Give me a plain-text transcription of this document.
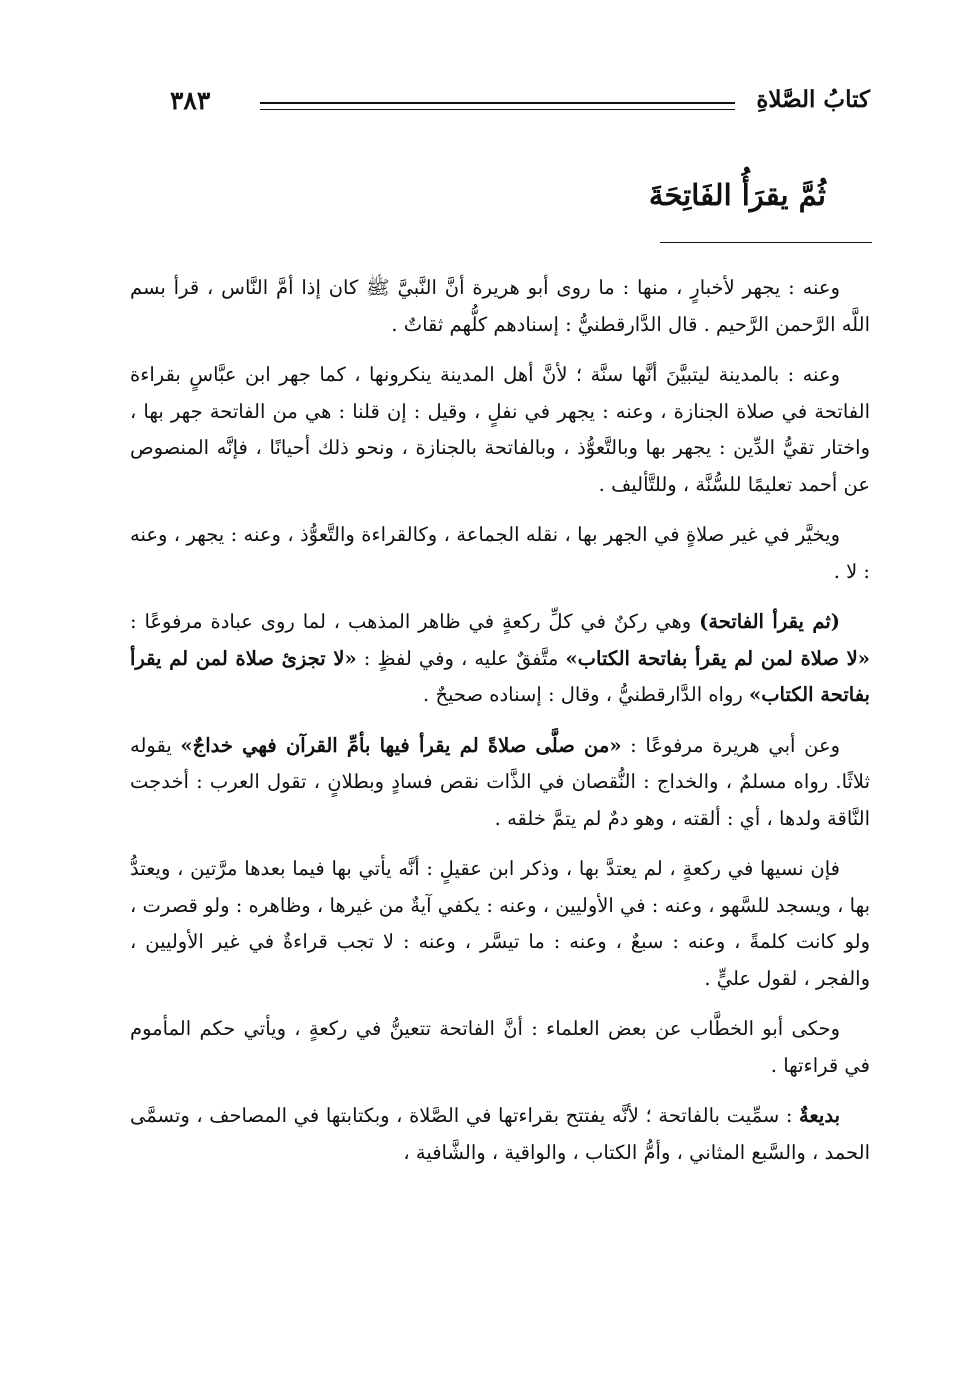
كتابُ الصَّلاةِ
٣٨٣
ثُمَّ يقرَأُ الفَاتِحَةَ

وعنه : يجهر لأخبارٍ ، منها : ما روى أبو هريرة أنَّ النَّبيَّ ﷺ كان إذا أمَّ النَّاس ، قرأ بسم اللَّه الرَّحمن الرَّحيم . قال الدَّارقطنيُّ : إسنادهم كلُّهم ثقاتٌ .

وعنه : بالمدينة ليتبيَّنَ أنَّها سنَّة ؛ لأنَّ أهل المدينة ينكرونها ، كما جهر ابن عبَّاسٍ بقراءة الفاتحة في صلاة الجنازة ، وعنه : يجهر في نفلٍ ، وقيل : إن قلنا : هي من الفاتحة جهر بها ، واختار تقيُّ الدِّين : يجهر بها وبالتَّعوُّذ ، وبالفاتحة بالجنازة ، ونحو ذلك أحيانًا ، فإنَّه المنصوص عن أحمد تعليمًا للسُّنَّة ، وللتَّأليف .

ويخيَّر في غير صلاةٍ في الجهر بها ، نقله الجماعة ، وكالقراءة والتَّعوُّذ ، وعنه : يجهر ، وعنه : لا .

(ثم يقرأ الفاتحة) وهي ركنٌ في كلِّ ركعةٍ في ظاهر المذهب ، لما روى عبادة مرفوعًا : «لا صلاة لمن لم يقرأ بفاتحة الكتاب» متَّفقٌ عليه ، وفي لفظٍ : «لا تجزئ صلاة لمن لم يقرأ بفاتحة الكتاب» رواه الدَّارقطنيُّ ، وقال : إسناده صحيحٌ .

وعن أبي هريرة مرفوعًا : «من صلَّى صلاةً لم يقرأ فيها بأمِّ القرآن فهي خداجٌ» يقوله ثلاثًا. رواه مسلمٌ ، والخداج : النُّقصان في الذَّات نقص فسادٍ وبطلانٍ ، تقول العرب : أخدجت النَّاقة ولدها ، أي : ألقته ، وهو دمٌ لم يتمَّ خلقه .

فإن نسيها في ركعةٍ ، لم يعتدَّ بها ، وذكر ابن عقيلٍ : أنَّه يأتي بها فيما بعدها مرَّتين ، ويعتدُّ بها ، ويسجد للسَّهو ، وعنه : في الأوليين ، وعنه : يكفي آيةٌ من غيرها ، وظاهره : ولو قصرت ، ولو كانت كلمةً ، وعنه : سبعٌ ، وعنه : ما تيسَّر ، وعنه : لا تجب قراءةٌ في غير الأوليين ، والفجر ، لقول عليٍّ .

وحكى أبو الخطَّاب عن بعض العلماء : أنَّ الفاتحة تتعينُّ في ركعةٍ ، ويأتي حكم المأموم في قراءتها .

بديعةٌ : سمِّيت بالفاتحة ؛ لأنَّه يفتتح بقراءتها في الصَّلاة ، وبكتابتها في المصاحف ، وتسمَّى الحمد ، والسَّبع المثاني ، وأمُّ الكتاب ، والواقية ، والشَّافية ،
